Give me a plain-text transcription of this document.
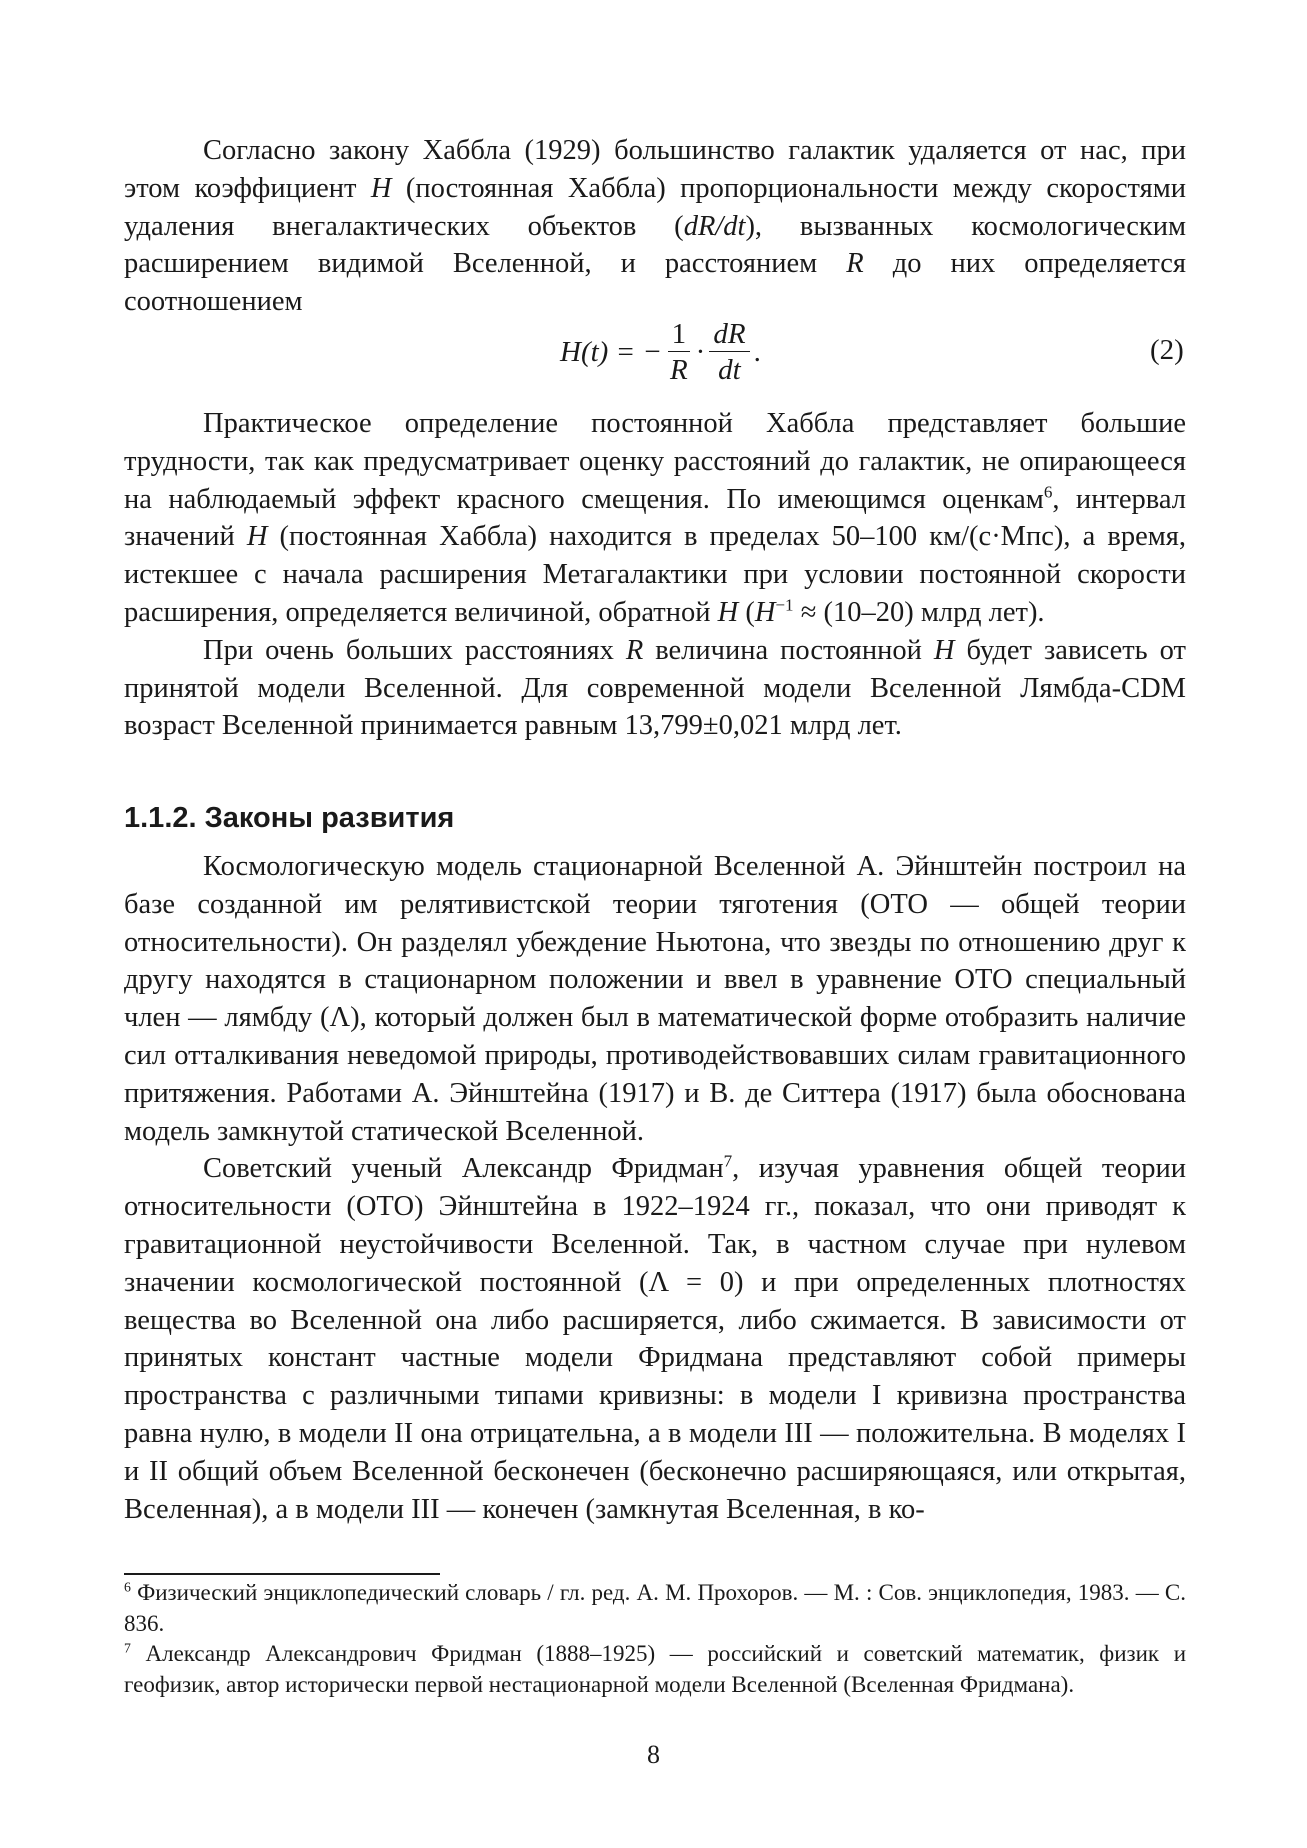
Согласно закону Хаббла (1929) большинство галактик удаляется от нас, при этом коэффициент H (постоянная Хаббла) пропорциональности между скоростями удаления внегалактических объектов (dR/dt), вызванных космологическим расширением видимой Вселенной, и расстоянием R до них определяется соотношением

H(t) = − $\frac{1}{R} \cdot \frac{dR}{dt}$ .	(2)

Практическое определение постоянной Хаббла представляет большие трудности, так как предусматривает оценку расстояний до галактик, не опирающееся на наблюдаемый эффект красного смещения. По имеющимся оценкам$^6$, интервал значений H (постоянная Хаббла) находится в пределах 50–100 км/(с·Мпс), а время, истекшее с начала расширения Метагалактики при условии постоянной скорости расширения, определяется величиной, обратной H ($H^{-1} \approx (10-20)$ млрд лет).

При очень больших расстояниях R величина постоянной H будет зависеть от принятой модели Вселенной. Для современной модели Вселенной Лямбда-CDM возраст Вселенной принимается равным 13,799±0,021 млрд лет.

1.1.2. Законы развития

Космологическую модель стационарной Вселенной А. Эйнштейн построил на базе созданной им релятивистской теории тяготения (ОТО — общей теории относительности). Он разделял убеждение Ньютона, что звезды по отношению друг к другу находятся в стационарном положении и ввел в уравнение ОТО специальный член — лямбду (Λ), который должен был в математической форме отобразить наличие сил отталкивания неведомой природы, противодействовавших силам гравитационного притяжения. Работами А. Эйнштейна (1917) и В. де Ситтера (1917) была обоснована модель замкнутой статической Вселенной.

Советский ученый Александр Фридман$^7$, изучая уравнения общей теории относительности (ОТО) Эйнштейна в 1922–1924 гг., показал, что они приводят к гравитационной неустойчивости Вселенной. Так, в частном случае при нулевом значении космологической постоянной (Λ = 0) и при определенных плотностях вещества во Вселенной она либо расширяется, либо сжимается. В зависимости от принятых констант частные модели Фридмана представляют собой примеры пространства с различными типами кривизны: в модели I кривизна пространства равна нулю, в модели II она отрицательна, а в модели III — положительна. В моделях I и II общий объем Вселенной бесконечен (бесконечно расширяющаяся, или открытая, Вселенная), а в модели III — конечен (замкнутая Вселенная, в ко-

$^6$ Физический энциклопедический словарь / гл. ред. А. М. Прохоров. — М. : Сов. энциклопедия, 1983. — С. 836.

$^7$ Александр Александрович Фридман (1888–1925) — российский и советский математик, физик и геофизик, автор исторически первой нестационарной модели Вселенной (Вселенная Фридмана).

8
